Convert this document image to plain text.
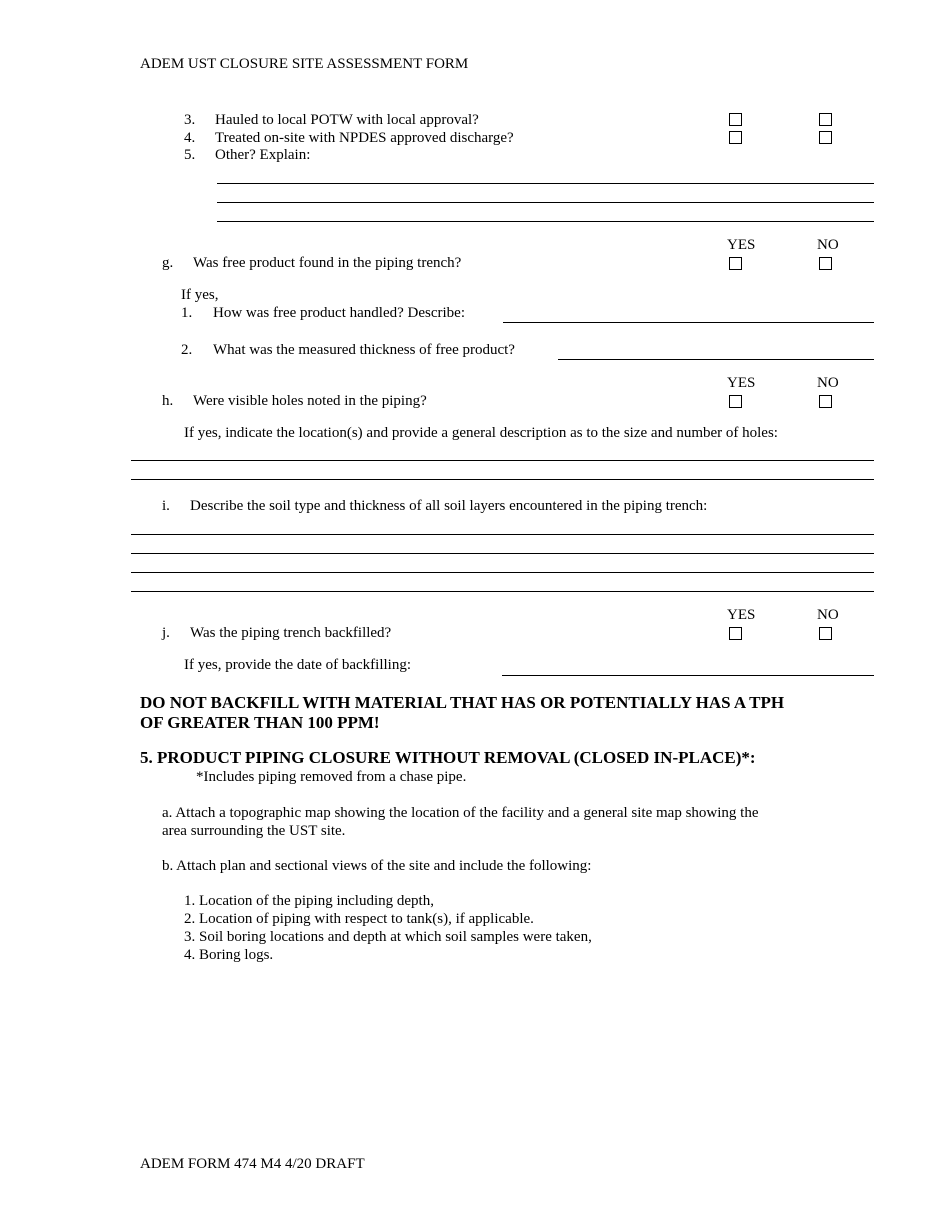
ADEM UST CLOSURE SITE ASSESSMENT FORM
3. Hauled to local POTW with local approval?
4. Treated on-site with NPDES approved discharge?
5. Other? Explain:
YES	NO
g. Was free product found in the piping trench?
If yes,
1. How was free product handled? Describe:
2. What was the measured thickness of free product?
YES	NO
h. Were visible holes noted in the piping?
If yes, indicate the location(s) and provide a general description as to the size and number of holes:
i. Describe the soil type and thickness of all soil layers encountered in the piping trench:
YES	NO
j. Was the piping trench backfilled?
If yes, provide the date of backfilling:
DO NOT BACKFILL WITH MATERIAL THAT HAS OR POTENTIALLY HAS A TPH
OF GREATER THAN 100 PPM!
5. PRODUCT PIPING CLOSURE WITHOUT REMOVAL (CLOSED IN-PLACE)*:
*Includes piping removed from a chase pipe.
a. Attach a topographic map showing the location of the facility and a general site map showing the
area surrounding the UST site.
b. Attach plan and sectional views of the site and include the following:
1. Location of the piping including depth,
2. Location of piping with respect to tank(s), if applicable.
3. Soil boring locations and depth at which soil samples were taken,
4. Boring logs.
ADEM FORM 474 M4 4/20 DRAFT
